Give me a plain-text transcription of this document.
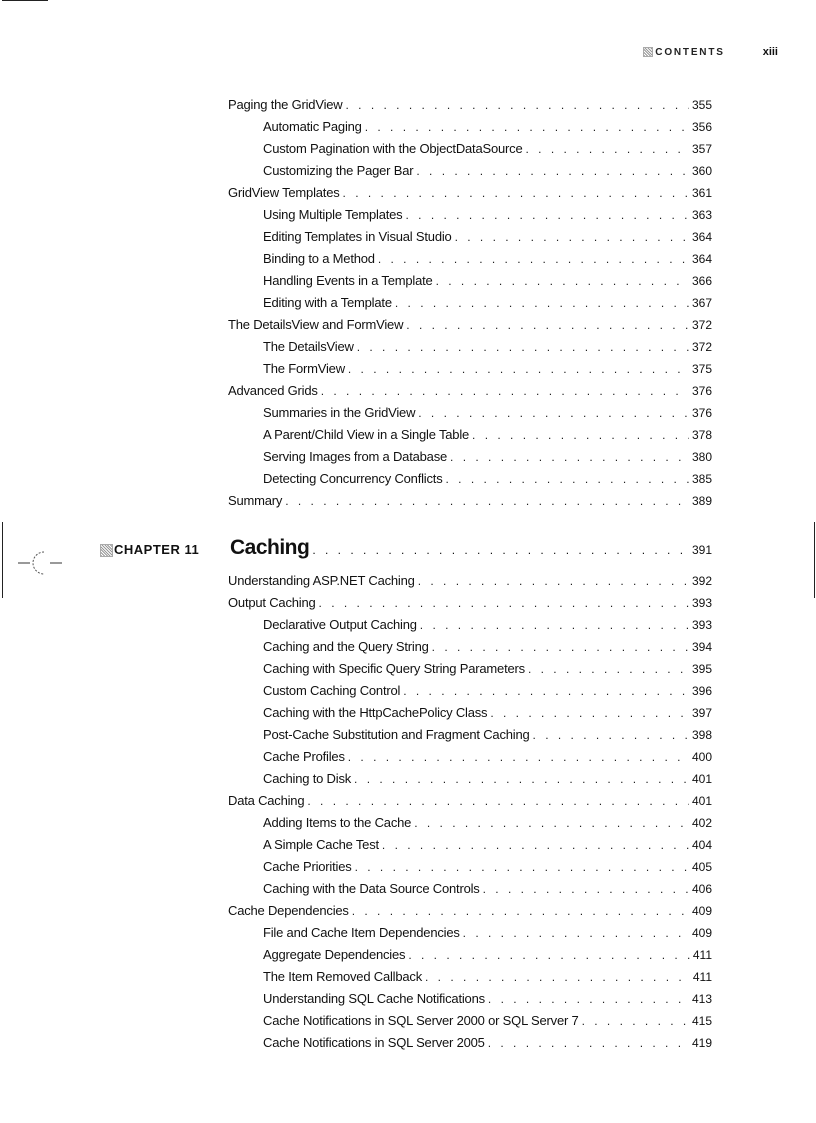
CONTENTS	xiii
Paging the GridView . . .	355
Automatic Paging . . .	356
Custom Pagination with the ObjectDataSource . . .	357
Customizing the Pager Bar . . .	360
GridView Templates . . .	361
Using Multiple Templates . . .	363
Editing Templates in Visual Studio . . .	364
Binding to a Method . . .	364
Handling Events in a Template . . .	366
Editing with a Template . . .	367
The DetailsView and FormView . . .	372
The DetailsView . . .	372
The FormView . . .	375
Advanced Grids . . .	376
Summaries in the GridView . . .	376
A Parent/Child View in a Single Table . . .	378
Serving Images from a Database . . .	380
Detecting Concurrency Conflicts . . .	385
Summary . . .	389
CHAPTER 11	Caching . . .	391
Understanding ASP.NET Caching . . .	392
Output Caching . . .	393
Declarative Output Caching . . .	393
Caching and the Query String . . .	394
Caching with Specific Query String Parameters . . .	395
Custom Caching Control . . .	396
Caching with the HttpCachePolicy Class . . .	397
Post-Cache Substitution and Fragment Caching . . .	398
Cache Profiles . . .	400
Caching to Disk . . .	401
Data Caching . . .	401
Adding Items to the Cache . . .	402
A Simple Cache Test . . .	404
Cache Priorities . . .	405
Caching with the Data Source Controls . . .	406
Cache Dependencies . . .	409
File and Cache Item Dependencies . . .	409
Aggregate Dependencies . . .	411
The Item Removed Callback . . .	411
Understanding SQL Cache Notifications . . .	413
Cache Notifications in SQL Server 2000 or SQL Server 7 . . .	415
Cache Notifications in SQL Server 2005 . . .	419
